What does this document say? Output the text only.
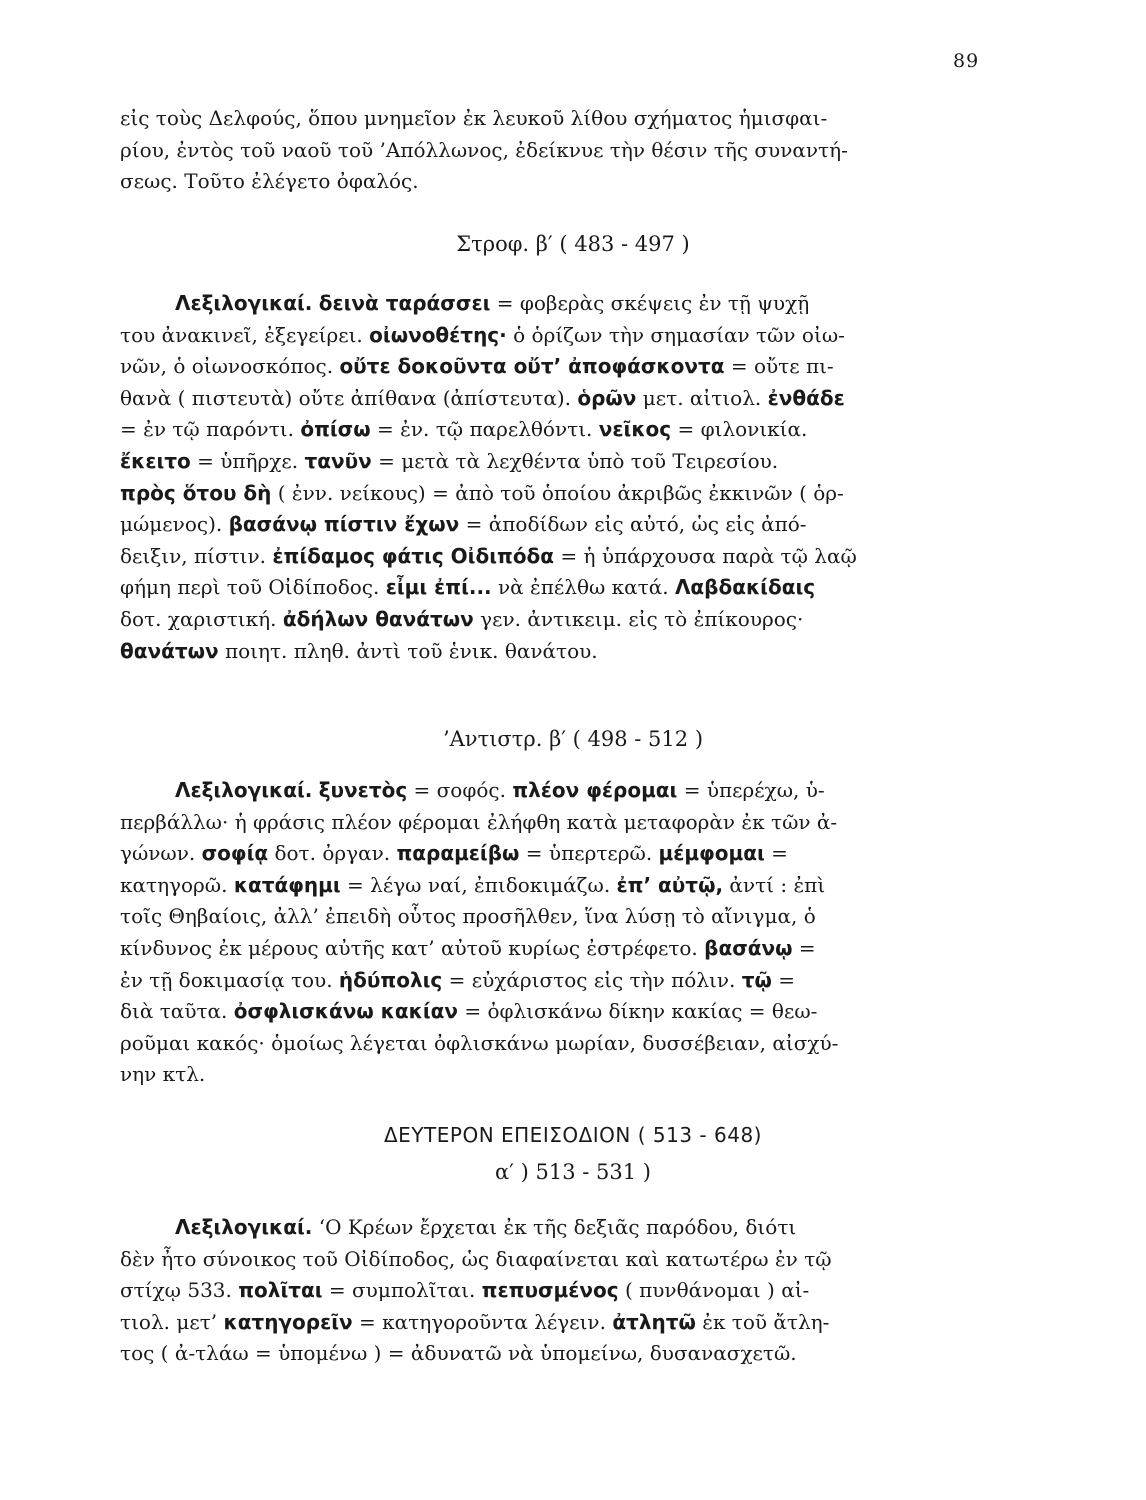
89
εἰς τοὺς Δελφούς, ὅπου μνημεῖον ἐκ λευκοῦ λίθου σχήματος ἡμισφαι-
ρίου, ἐντὸς τοῦ ναοῦ τοῦ ’Απόλλωνος, ἐδείκνυε τὴν θέσιν τῆς συναντή-
σεως. Τοῦτο ἐλέγετο ὀφαλός.
Στροφ. β′ ( 483 - 497 )
Λεξιλογικαί. δεινὰ ταράσσει = φοβερὰς σκέψεις ἐν τῇ ψυχῇ
του ἀνακινεῖ, ἐξεγείρει. οἰωνοθέτης· ὁ ὁρίζων τὴν σημασίαν τῶν οἰω-
νῶν, ὁ οἰωνοσκόπος. οὔτε δοκοῦντα οὔτ’ ἀποφάσκοντα = οὔτε πι-
θανὰ ( πιστευτὰ) οὔτε ἀπίθανα (ἀπίστευτα). ὁρῶν μετ. αἰτιολ. ἐνθάδε
= ἐν τῷ παρόντι. ὀπίσω = ἐν. τῷ παρελθόντι. νεῖκος = φιλονικία.
ἔκειτο = ὑπῆρχε. τανῦν = μετὰ τὰ λεχθέντα ὑπὸ τοῦ Τειρεσίου.
πρὸς ὅτου δὴ ( ἐνν. νείκους) = ἀπὸ τοῦ ὁποίου ἀκριβῶς ἐκκινῶν ( ὁρ-
μώμενος). βασάνῳ πίστιν ἔχων = ἀποδίδων εἰς αὐτό, ὡς εἰς ἀπό-
δειξιν, πίστιν. ἐπίδαμος φάτις Οἰδιπόδα = ἡ ὑπάρχουσα παρὰ τῷ λαῷ
φήμη περὶ τοῦ Οἰδίποδος. εἶμι ἐπί... νὰ ἐπέλθω κατά. Λαβδακίδαις
δοτ. χαριστική. ἀδήλων θανάτων γεν. ἀντικειμ. εἰς τὸ ἐπίκουρος·
θανάτων ποιητ. πληθ. ἀντὶ τοῦ ἑνικ. θανάτου.
’Αντιστρ. β′ ( 498 - 512 )
Λεξιλογικαί. ξυνετὸς = σοφός. πλέον φέρομαι = ὑπερέχω, ὑ-
περβάλλω· ἡ φράσις πλέον φέρομαι ἐλήφθη κατὰ μεταφορὰν ἐκ τῶν ἀ-
γώνων. σοφίᾳ δοτ. ὀργαν. παραμείβω = ὑπερτερῶ. μέμφομαι =
κατηγορῶ. κατάφημι = λέγω ναί, ἐπιδοκιμάζω. ἐπ’ αὐτῷ, ἀντί : ἐπὶ
τοῖς Θηβαίοις, ἀλλ’ ἐπειδὴ οὗτος προσῆλθεν, ἵνα λύσῃ τὸ αἴνιγμα, ὁ
κίνδυνος ἐκ μέρους αὐτῆς κατ’ αὐτοῦ κυρίως ἐστρέφετο. βασάνῳ =
ἐν τῇ δοκιμασίᾳ του. ἡδύπολις = εὐχάριστος εἰς τὴν πόλιν. τῷ =
διὰ ταῦτα. ὀσφλισκάνω κακίαν = ὀφλισκάνω δίκην κακίας = θεω-
ροῦμαι κακός· ὁμοίως λέγεται ὀφλισκάνω μωρίαν, δυσσέβειαν, αἰσχύ-
νην κτλ.
ΔΕΥΤΕΡΟΝ ΕΠΕΙΣΟΔΙΟΝ ( 513 - 648)
α′ ) 513 - 531 )
Λεξιλογικαί. ‘Ο Κρέων ἔρχεται ἐκ τῆς δεξιᾶς παρόδου, διότι
δὲν ἦτο σύνοικος τοῦ Οἰδίποδος, ὡς διαφαίνεται καὶ κατωτέρω ἐν τῷ
στίχῳ 533. πολῖται = συμπολῖται. πεπυσμένος ( πυνθάνομαι ) αἰ-
τιολ. μετ’ κατηγορεῖν = κατηγοροῦντα λέγειν. ἀτλητῶ ἐκ τοῦ ἄτλη-
τος ( ἀ-τλάω = ὑπομένω ) = ἀδυνατῶ νὰ ὑπομείνω, δυσανασχετῶ.
